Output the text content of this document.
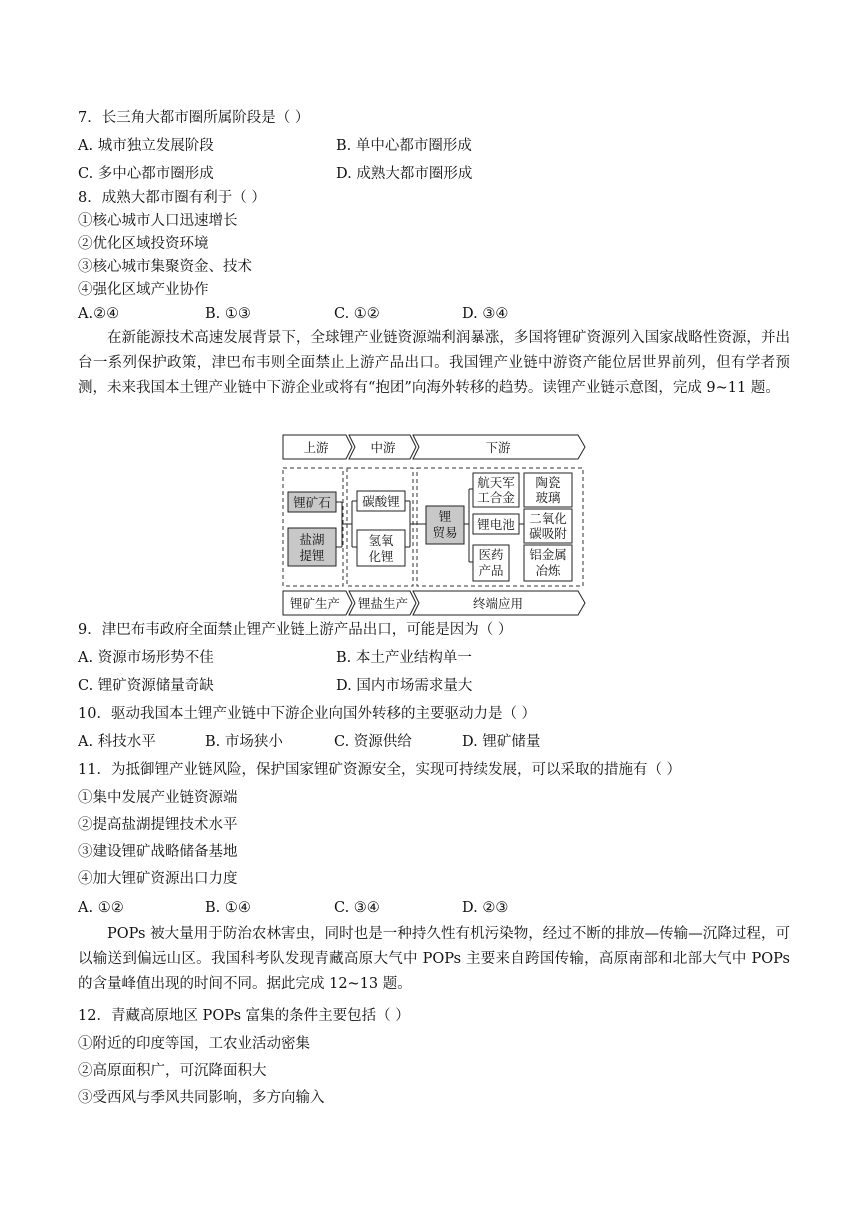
7．长三角大都市圈所属阶段是（ ）
A. 城市独立发展阶段	B. 单中心都市圈形成
C. 多中心都市圈形成	D. 成熟大都市圈形成
8．成熟大都市圈有利于（ ）
①核心城市人口迅速增长
②优化区域投资环境
③核心城市集聚资金、技术
④强化区域产业协作
A.②④	B. ①③	C. ①②	D. ③④
在新能源技术高速发展背景下，全球锂产业链资源端利润暴涨，多国将锂矿资源列入国家战略性资源，并出台一系列保护政策，津巴布韦则全面禁止上游产品出口。我国锂产业链中游资产能位居世界前列，但有学者预测，未来我国本土锂产业链中下游企业或将有“抱团”向海外转移的趋势。读锂产业链示意图，完成 9~11 题。
上游	中游	下游
锂矿石
盐湖
提锂
碳酸锂
氢氧
化锂
锂
贸易
航天军
工合金
锂电池
医药
产品
陶瓷
玻璃
二氧化
碳吸附
铝金属
冶炼
锂矿生产 锂盐生产	终端应用
9．津巴布韦政府全面禁止锂产业链上游产品出口，可能是因为（ ）
A. 资源市场形势不佳	B. 本土产业结构单一
C. 锂矿资源储量奇缺	D. 国内市场需求量大
10．驱动我国本土锂产业链中下游企业向国外转移的主要驱动力是（ ）
A. 科技水平	B. 市场狭小	C. 资源供给	D. 锂矿储量
11．为抵御锂产业链风险，保护国家锂矿资源安全，实现可持续发展，可以采取的措施有（ ）
①集中发展产业链资源端
②提高盐湖提锂技术水平
③建设锂矿战略储备基地
④加大锂矿资源出口力度
A. ①②	B. ①④	C. ③④	D. ②③
POPs 被大量用于防治农林害虫，同时也是一种持久性有机污染物，经过不断的排放—传输—沉降过程，可以输送到偏远山区。我国科考队发现青藏高原大气中 POPs 主要来自跨国传输，高原南部和北部大气中 POPs 的含量峰值出现的时间不同。据此完成 12~13 题。
12．青藏高原地区 POPs 富集的条件主要包括（ ）
①附近的印度等国，工农业活动密集
②高原面积广，可沉降面积大
③受西风与季风共同影响，多方向输入
